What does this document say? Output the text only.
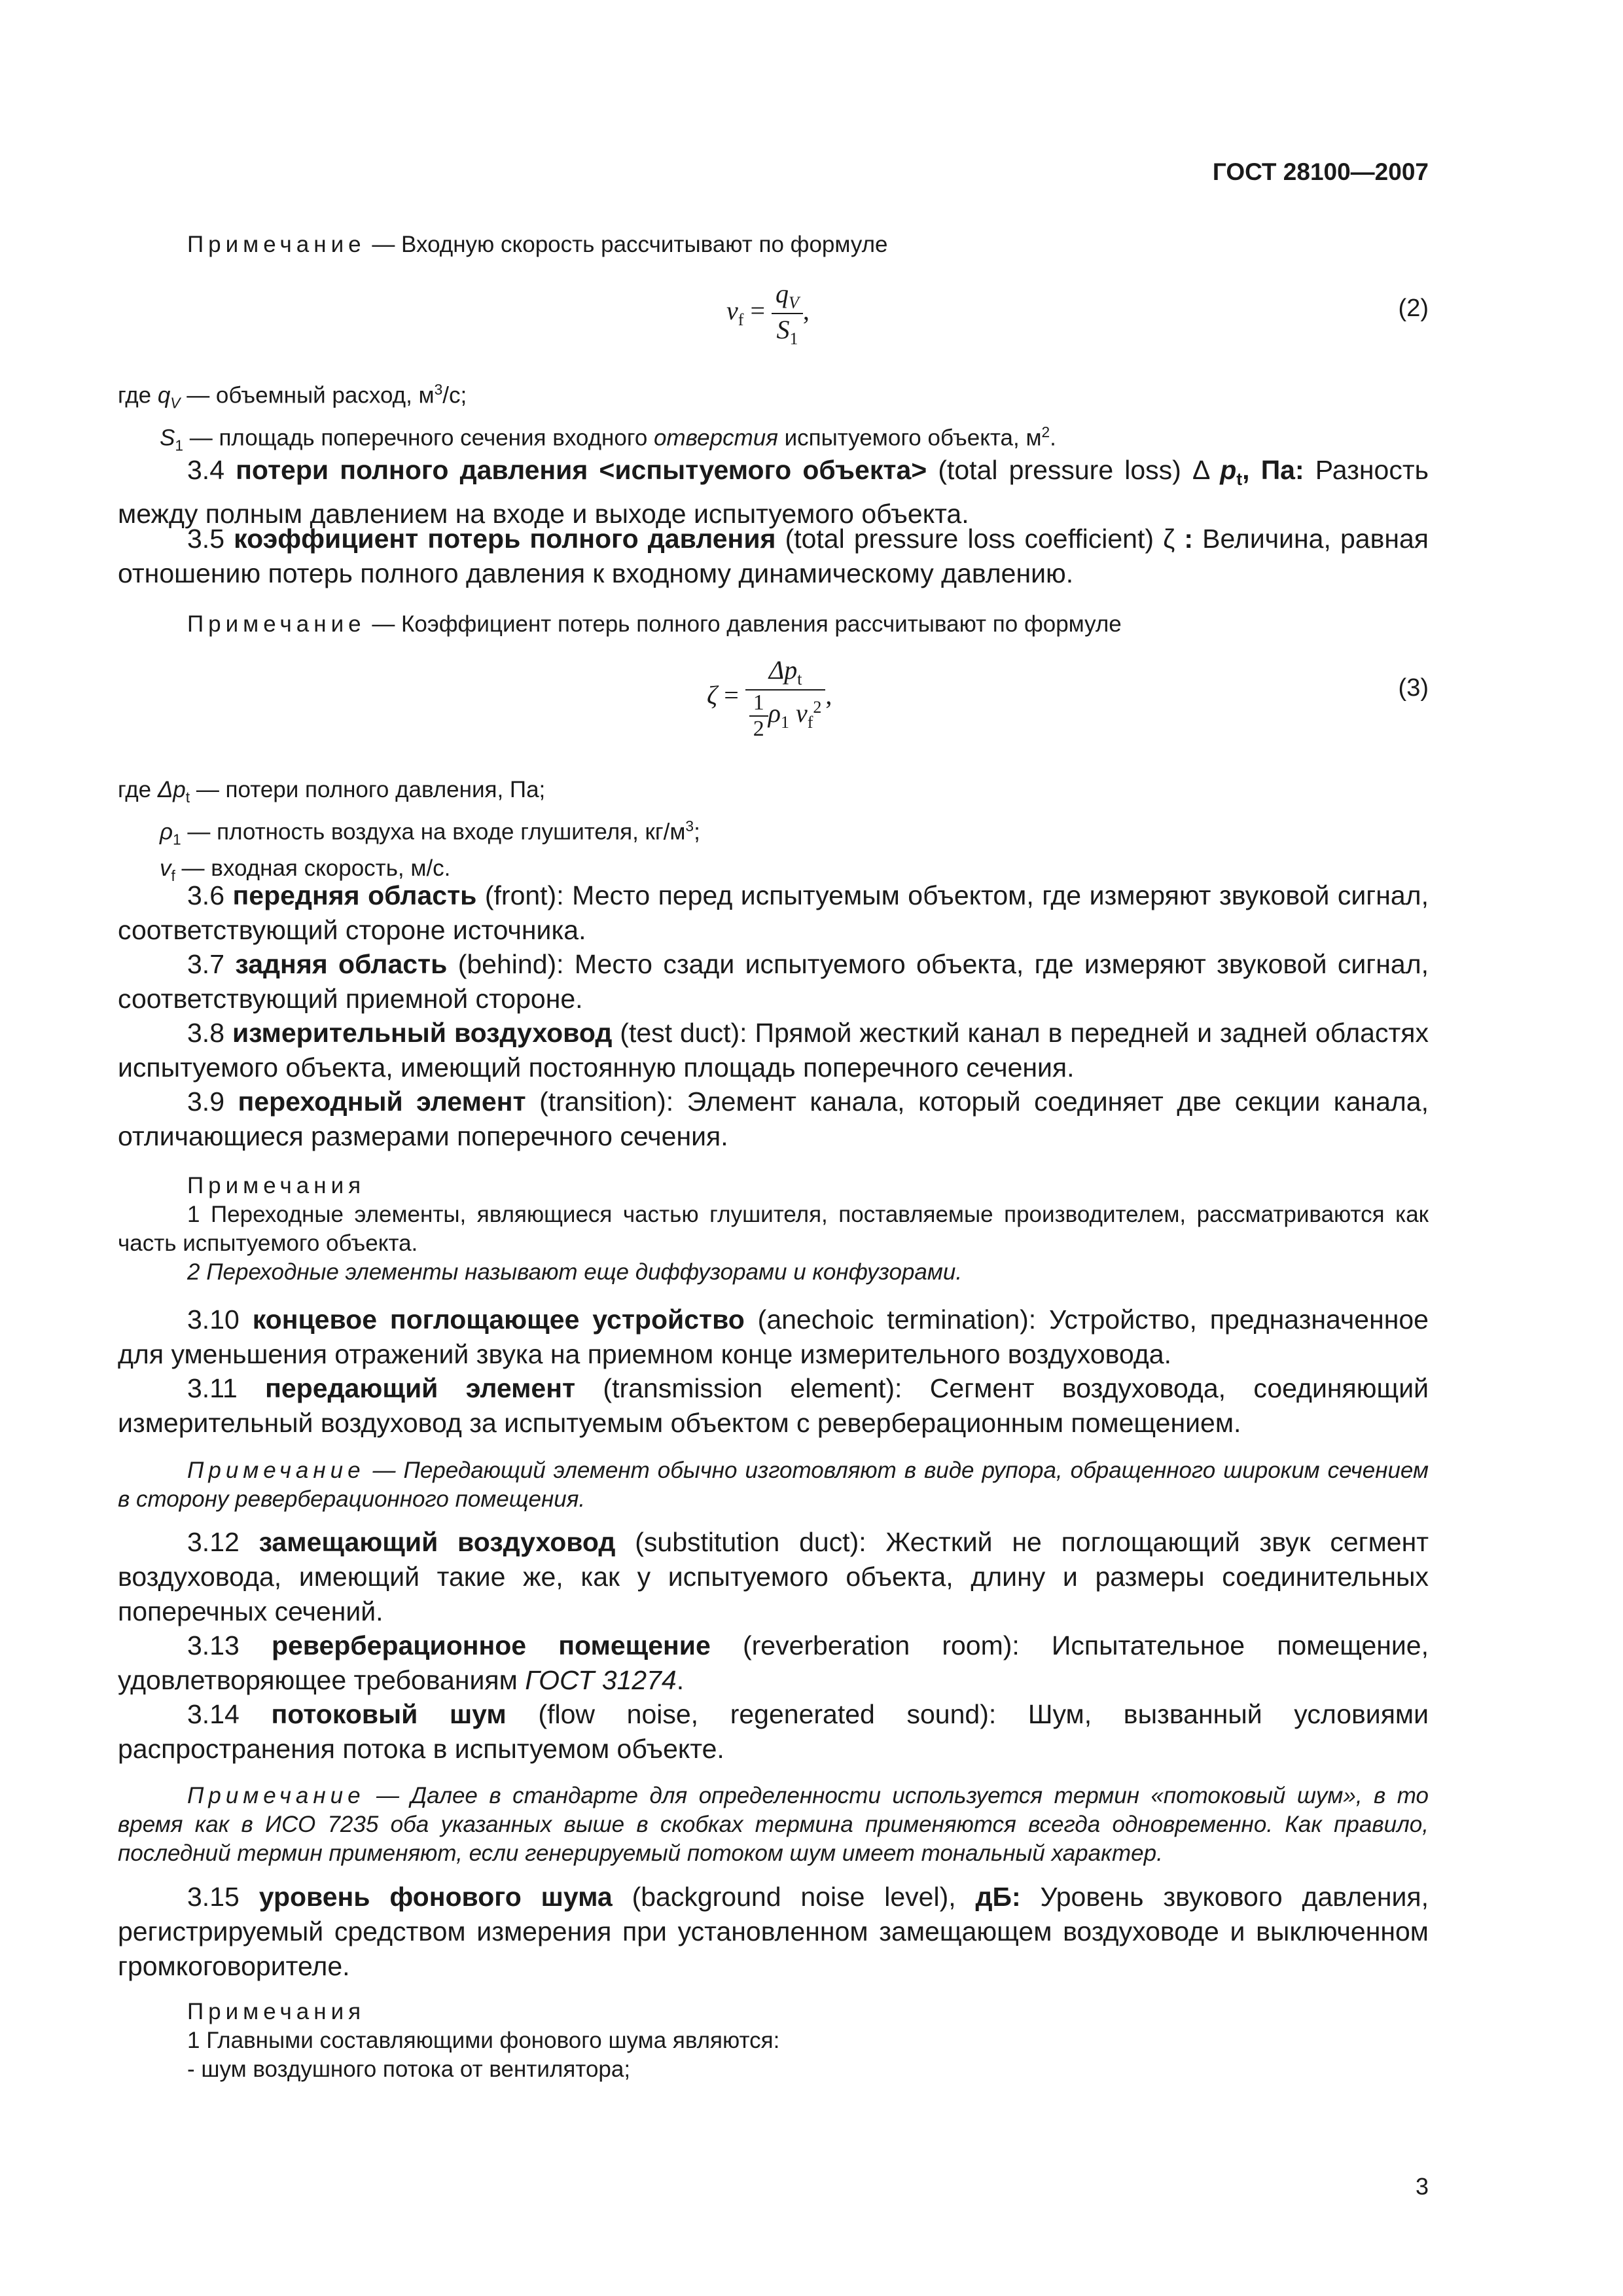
ГОСТ 28100—2007
Примечание — Входную скорость рассчитывают по формуле
$v_f = \frac{q_V}{S_1}$ ,	(2)
где $q_V$ — объемный расход, $м^3/с$;
$S_1$ — площадь поперечного сечения входного отверстия испытуемого объекта, $м^2$.
3.4 потери полного давления <испытуемого объекта> (total pressure loss) Δ $p_t$, Па: Разность между полным давлением на входе и выходе испытуемого объекта.
3.5 коэффициент потерь полного давления (total pressure loss coefficient) ζ : Величина, равная отношению потерь полного давления к входному динамическому давлению.
Примечание — Коэффициент потерь полного давления рассчитывают по формуле
$\zeta = \frac{\Delta p_t}{\frac{1}{2} \rho_1 v_f^2}$ ,	(3)
где $\Delta p_t$ — потери полного давления, Па;
$\rho_1$ — плотность воздуха на входе глушителя, $кг/м^3$;
$v_f$ — входная скорость, м/с.
3.6 передняя область (front): Место перед испытуемым объектом, где измеряют звуковой сигнал, соответствующий стороне источника.
3.7 задняя область (behind): Место сзади испытуемого объекта, где измеряют звуковой сигнал, соответствующий приемной стороне.
3.8 измерительный воздуховод (test duct): Прямой жесткий канал в передней и задней областях испытуемого объекта, имеющий постоянную площадь поперечного сечения.
3.9 переходный элемент (transition): Элемент канала, который соединяет две секции канала, отличающиеся размерами поперечного сечения.
Примечания
1 Переходные элементы, являющиеся частью глушителя, поставляемые производителем, рассматриваются как часть испытуемого объекта.
2 Переходные элементы называют еще диффузорами и конфузорами.
3.10 концевое поглощающее устройство (anechoic termination): Устройство, предназначенное для уменьшения отражений звука на приемном конце измерительного воздуховода.
3.11 передающий элемент (transmission element): Сегмент воздуховода, соединяющий измерительный воздуховод за испытуемым объектом с реверберационным помещением.
Примечание — Передающий элемент обычно изготовляют в виде рупора, обращенного широким сечением в сторону реверберационного помещения.
3.12 замещающий воздуховод (substitution duct): Жесткий не поглощающий звук сегмент воздуховода, имеющий такие же, как у испытуемого объекта, длину и размеры соединительных поперечных сечений.
3.13 реверберационное помещение (reverberation room): Испытательное помещение, удовлетворяющее требованиям ГОСТ 31274.
3.14 потоковый шум (flow noise, regenerated sound): Шум, вызванный условиями распространения потока в испытуемом объекте.
Примечание — Далее в стандарте для определенности используется термин «потоковый шум», в то время как в ИСО 7235 оба указанных выше в скобках термина применяются всегда одновременно. Как правило, последний термин применяют, если генерируемый потоком шум имеет тональный характер.
3.15 уровень фонового шума (background noise level), дБ: Уровень звукового давления, регистрируемый средством измерения при установленном замещающем воздуховоде и выключенном громкоговорителе.
Примечания
1 Главными составляющими фонового шума являются:
- шум воздушного потока от вентилятора;
3
